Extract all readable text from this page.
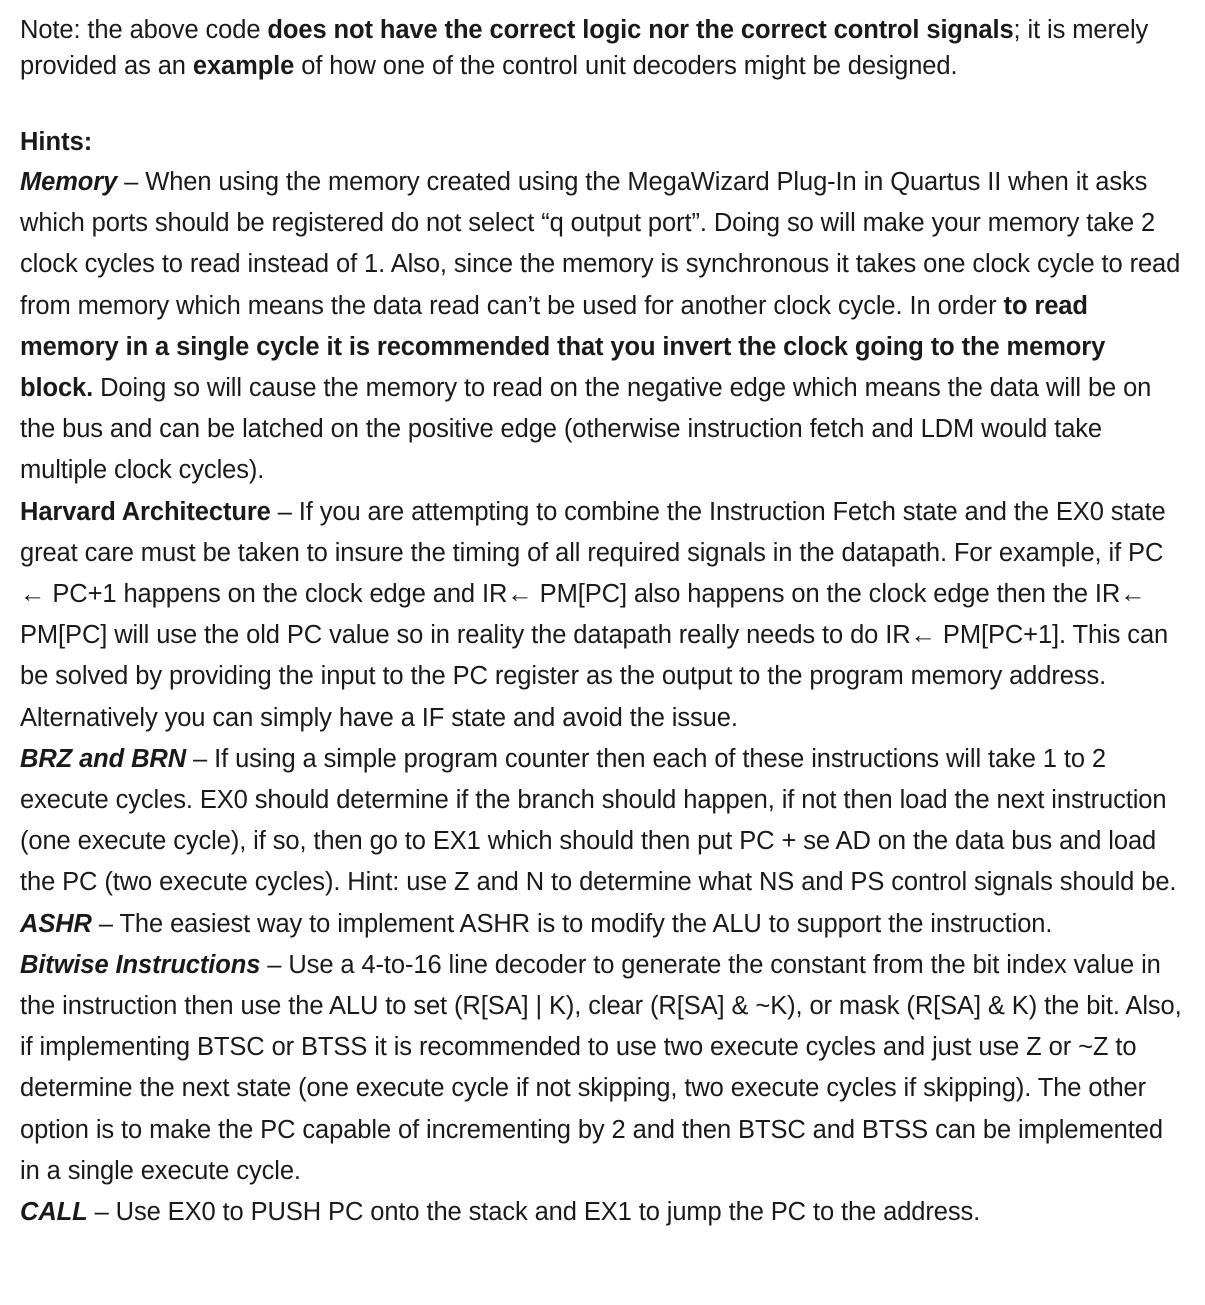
Note: the above code does not have the correct logic nor the correct control signals; it is merely provided as an example of how one of the control unit decoders might be designed.

Hints:

Memory – When using the memory created using the MegaWizard Plug-In in Quartus II when it asks which ports should be registered do not select “q output port”. Doing so will make your memory take 2 clock cycles to read instead of 1. Also, since the memory is synchronous it takes one clock cycle to read from memory which means the data read can’t be used for another clock cycle. In order to read memory in a single cycle it is recommended that you invert the clock going to the memory block. Doing so will cause the memory to read on the negative edge which means the data will be on the bus and can be latched on the positive edge (otherwise instruction fetch and LDM would take multiple clock cycles).
Harvard Architecture – If you are attempting to combine the Instruction Fetch state and the EX0 state great care must be taken to insure the timing of all required signals in the datapath. For example, if PC ← PC+1 happens on the clock edge and IR← PM[PC] also happens on the clock edge then the IR← PM[PC] will use the old PC value so in reality the datapath really needs to do IR← PM[PC+1]. This can be solved by providing the input to the PC register as the output to the program memory address. Alternatively you can simply have a IF state and avoid the issue.
BRZ and BRN – If using a simple program counter then each of these instructions will take 1 to 2 execute cycles. EX0 should determine if the branch should happen, if not then load the next instruction (one execute cycle), if so, then go to EX1 which should then put PC + se AD on the data bus and load the PC (two execute cycles). Hint: use Z and N to determine what NS and PS control signals should be.
ASHR – The easiest way to implement ASHR is to modify the ALU to support the instruction.
Bitwise Instructions – Use a 4-to-16 line decoder to generate the constant from the bit index value in the instruction then use the ALU to set (R[SA] | K), clear (R[SA] & ~K), or mask (R[SA] & K) the bit. Also, if implementing BTSC or BTSS it is recommended to use two execute cycles and just use Z or ~Z to determine the next state (one execute cycle if not skipping, two execute cycles if skipping). The other option is to make the PC capable of incrementing by 2 and then BTSC and BTSS can be implemented in a single execute cycle.
CALL – Use EX0 to PUSH PC onto the stack and EX1 to jump the PC to the address.
